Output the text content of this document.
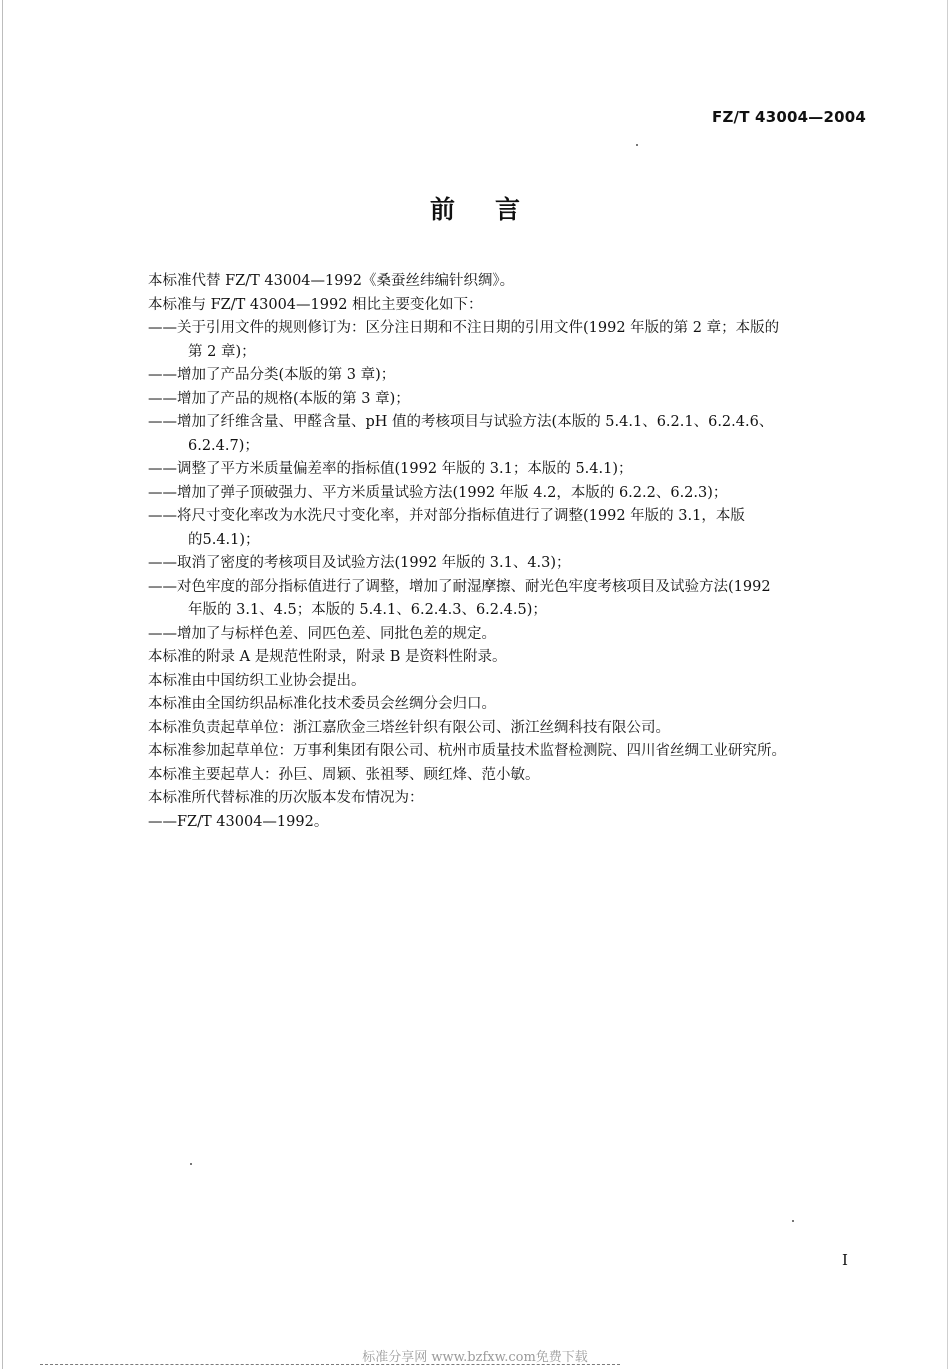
FZ/T 43004—2004
前言

本标准代替 FZ/T 43004—1992《桑蚕丝纬编针织绸》。

本标准与 FZ/T 43004—1992 相比主要变化如下：

——关于引用文件的规则修订为：区分注日期和不注日期的引用文件(1992 年版的第 2 章；本版的

第 2 章)；

——增加了产品分类(本版的第 3 章)；

——增加了产品的规格(本版的第 3 章)；

——增加了纤维含量、甲醛含量、pH 值的考核项目与试验方法(本版的 5.4.1、6.2.1、6.2.4.6、

6.2.4.7)；

——调整了平方米质量偏差率的指标值(1992 年版的 3.1；本版的 5.4.1)；

——增加了弹子顶破强力、平方米质量试验方法(1992 年版 4.2，本版的 6.2.2、6.2.3)；

——将尺寸变化率改为水洗尺寸变化率，并对部分指标值进行了调整(1992 年版的 3.1，本版

的5.4.1)；

——取消了密度的考核项目及试验方法(1992 年版的 3.1、4.3)；

——对色牢度的部分指标值进行了调整，增加了耐湿摩擦、耐光色牢度考核项目及试验方法(1992

年版的 3.1、4.5；本版的 5.4.1、6.2.4.3、6.2.4.5)；

——增加了与标样色差、同匹色差、同批色差的规定。

本标准的附录 A 是规范性附录，附录 B 是资料性附录。

本标准由中国纺织工业协会提出。

本标准由全国纺织品标准化技术委员会丝绸分会归口。

本标准负责起草单位：浙江嘉欣金三塔丝针织有限公司、浙江丝绸科技有限公司。

本标准参加起草单位：万事利集团有限公司、杭州市质量技术监督检测院、四川省丝绸工业研究所。

本标准主要起草人：孙巨、周颖、张祖琴、顾红烽、范小敏。

本标准所代替标准的历次版本发布情况为：

——FZ/T 43004—1992。

I
标准分享网 www.bzfxw.com免费下载
